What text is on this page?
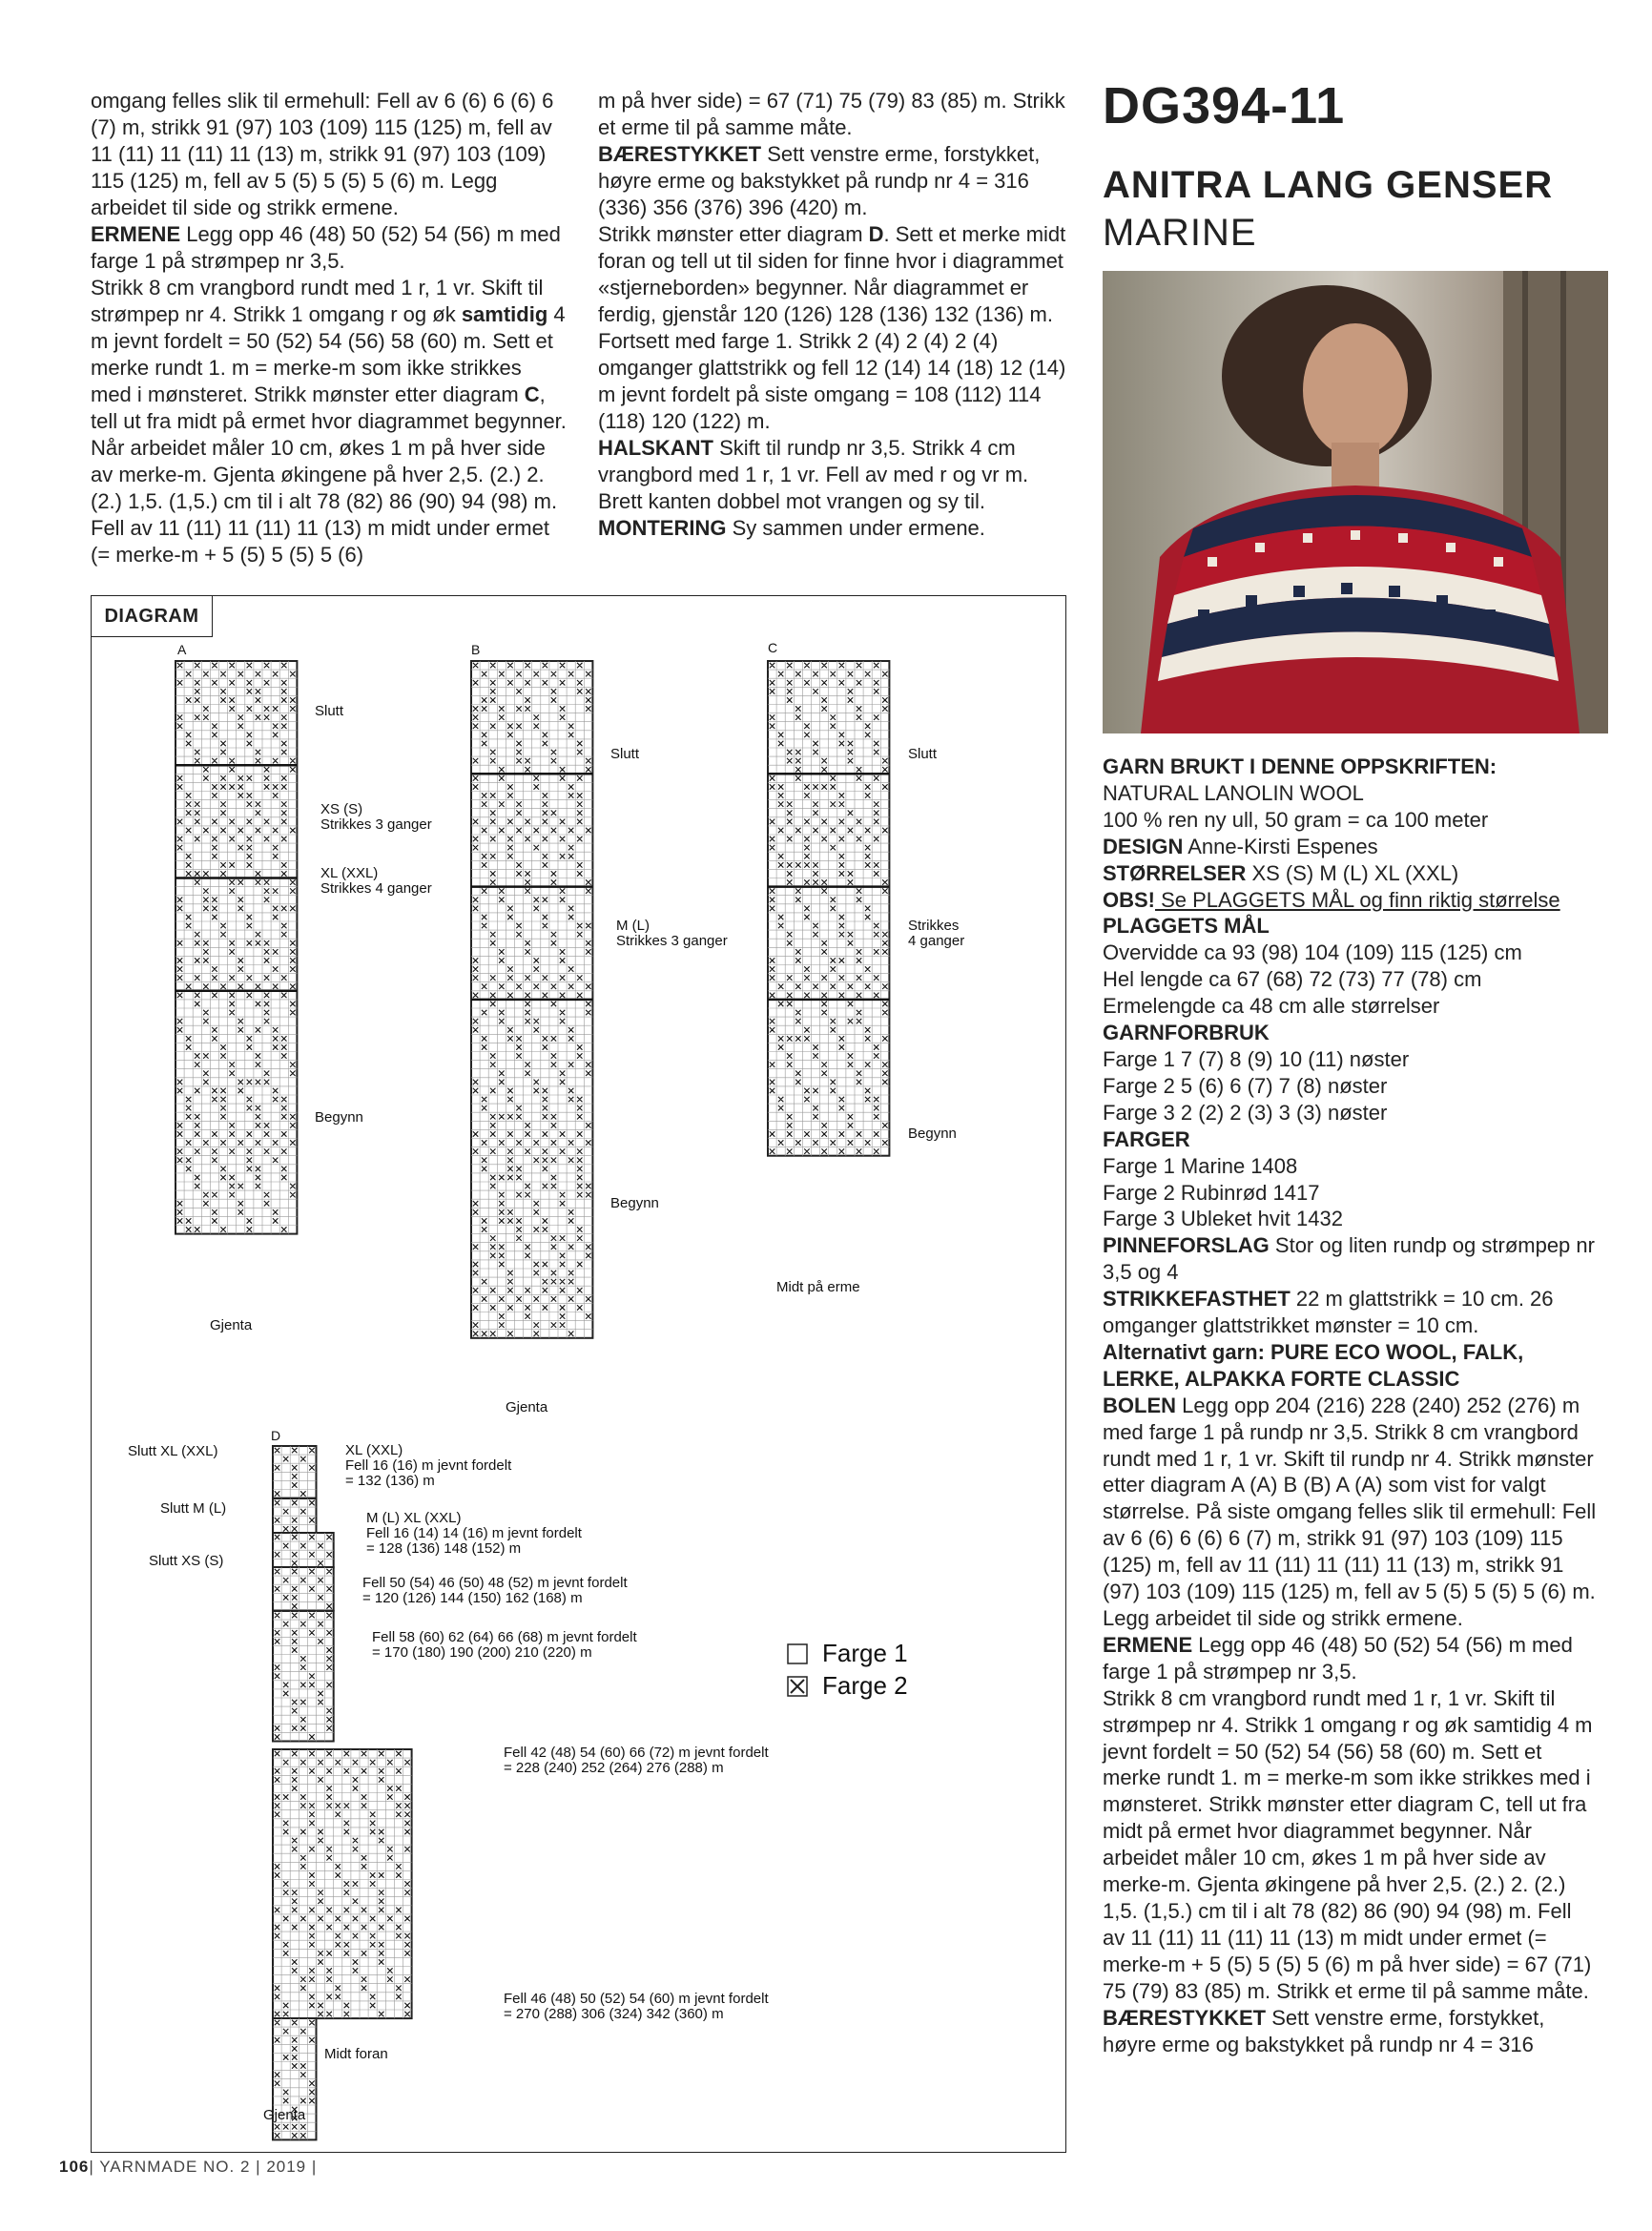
omgang felles slik til ermehull: Fell av 6 (6) 6 (6) 6 (7) m, strikk 91 (97) 103 (109) 115 (125) m, fell av 11 (11) 11 (11) 11 (13) m, strikk 91 (97) 103 (109) 115 (125) m, fell av 5 (5) 5 (5) 5 (6) m. Legg arbeidet til side og strikk ermene.

ERMENE Legg opp 46 (48) 50 (52) 54 (56) m med farge 1 på strømpep nr 3,5.

Strikk 8 cm vrangbord rundt med 1 r, 1 vr. Skift til strømpep nr 4. Strikk 1 omgang r og øk samtidig 4 m jevnt fordelt = 50 (52) 54 (56) 58 (60) m. Sett et merke rundt 1. m = merke-m som ikke strikkes med i mønsteret. Strikk mønster etter diagram C, tell ut fra midt på ermet hvor diagrammet begynner. Når arbeidet måler 10 cm, økes 1 m på hver side av merke-m. Gjenta økingene på hver 2,5. (2.) 2. (2.) 1,5. (1,5.) cm til i alt 78 (82) 86 (90) 94 (98) m. Fell av 11 (11) 11 (11) 11 (13) m midt under ermet (= merke-m + 5 (5) 5 (5) 5 (6)

m på hver side) = 67 (71) 75 (79) 83 (85) m. Strikk et erme til på samme måte.

BÆRESTYKKET Sett venstre erme, forstykket, høyre erme og bakstykket på rundp nr 4 = 316 (336) 356 (376) 396 (420) m.

Strikk mønster etter diagram D. Sett et merke midt foran og tell ut til siden for finne hvor i diagrammet «stjerneborden» begynner. Når diagrammet er ferdig, gjenstår 120 (126) 128 (136) 132 (136) m. Fortsett med farge 1. Strikk 2 (4) 2 (4) 2 (4) omganger glattstrikk og fell 12 (14) 14 (18) 12 (14) m jevnt fordelt på siste omgang = 108 (112) 114 (118) 120 (122) m.

HALSKANT Skift til rundp nr 3,5. Strikk 4 cm vrangbord med 1 r, 1 vr. Fell av med r og vr m. Brett kanten dobbel mot vrangen og sy til.

MONTERING Sy sammen under ermene.

DG394-11
ANITRA LANG GENSER
MARINE

GARN BRUKT I DENNE OPPSKRIFTEN:

NATURAL LANOLIN WOOL

100 % ren ny ull, 50 gram = ca 100 meter

DESIGN Anne-Kirsti Espenes

STØRRELSER XS (S) M (L) XL (XXL)

OBS! Se PLAGGETS MÅL og finn riktig størrelse

PLAGGETS MÅL

Overvidde ca 93 (98) 104 (109) 115 (125) cm

Hel lengde ca 67 (68) 72 (73) 77 (78) cm

Ermelengde ca 48 cm alle størrelser

GARNFORBRUK

Farge 1 7 (7) 8 (9) 10 (11) nøster

Farge 2 5 (6) 6 (7) 7 (8) nøster

Farge 3 2 (2) 2 (3) 3 (3) nøster

FARGER

Farge 1 Marine 1408

Farge 2 Rubinrød 1417

Farge 3 Ubleket hvit 1432

PINNEFORSLAG Stor og liten rundp og strømpep nr 3,5 og 4

STRIKKEFASTHET 22 m glattstrikk = 10 cm. 26 omganger glattstrikket mønster = 10 cm.

Alternativt garn: PURE ECO WOOL, FALK, LERKE, ALPAKKA FORTE CLASSIC

BOLEN Legg opp 204 (216) 228 (240) 252 (276) m med farge 1 på rundp nr 3,5. Strikk 8 cm vrangbord rundt med 1 r, 1 vr. Skift til rundp nr 4. Strikk mønster etter diagram A (A) B (B) A (A) som vist for valgt størrelse. På siste omgang felles slik til ermehull: Fell av 6 (6) 6 (6) 6 (7) m, strikk 91 (97) 103 (109) 115 (125) m, fell av 11 (11) 11 (11) 11 (13) m, strikk 91 (97) 103 (109) 115 (125) m, fell av 5 (5) 5 (5) 5 (6) m. Legg arbeidet til side og strikk ermene.

ERMENE Legg opp 46 (48) 50 (52) 54 (56) m med farge 1 på strømpep nr 3,5.

Strikk 8 cm vrangbord rundt med 1 r, 1 vr. Skift til strømpep nr 4. Strikk 1 omgang r og øk samtidig 4 m jevnt fordelt = 50 (52) 54 (56) 58 (60) m. Sett et merke rundt 1. m = merke-m som ikke strikkes med i mønsteret. Strikk mønster etter diagram C, tell ut fra midt på ermet hvor diagrammet begynner. Når arbeidet måler 10 cm, økes 1 m på hver side av merke-m. Gjenta økingene på hver 2,5. (2.) 2. (2.) 1,5. (1,5.) cm til i alt 78 (82) 86 (90) 94 (98) m. Fell av 11 (11) 11 (11) 11 (13) m midt under ermet (= merke-m + 5 (5) 5 (5) 5 (6) m på hver side) = 67 (71) 75 (79) 83 (85) m. Strikk et erme til på samme måte.

BÆRESTYKKET Sett venstre erme, forstykket, høyre erme og bakstykket på rundp nr 4 = 316

DIAGRAM
A
Slutt
XS (S)
Strikkes 3 ganger
XL (XXL)
Strikkes 4 ganger
Begynn
Gjenta
B
Slutt
M (L)
Strikkes 3 ganger
Begynn
Gjenta
C
Slutt
Strikkes
4 ganger
Begynn
Midt på erme
D
Slutt XL (XXL)
Slutt M (L)
Slutt XS (S)
XL (XXL)
Fell 16 (16) m jevnt fordelt
= 132 (136) m
M (L) XL (XXL)
Fell 16 (14) 14 (16) m jevnt fordelt
= 128 (136) 148 (152) m
Fell 50 (54) 46 (50) 48 (52) m jevnt fordelt
= 120 (126) 144 (150) 162 (168) m
Fell 58 (60) 62 (64) 66 (68) m jevnt fordelt
= 170 (180) 190 (200) 210 (220) m
Fell 42 (48) 54 (60) 66 (72) m jevnt fordelt
= 228 (240) 252 (264) 276 (288) m
Fell 46 (48) 50 (52) 54 (60) m jevnt fordelt
= 270 (288) 306 (324) 342 (360) m
Midt foran
Gjenta
Farge 1
Farge 2
106| YARNMADE NO. 2 | 2019 |
